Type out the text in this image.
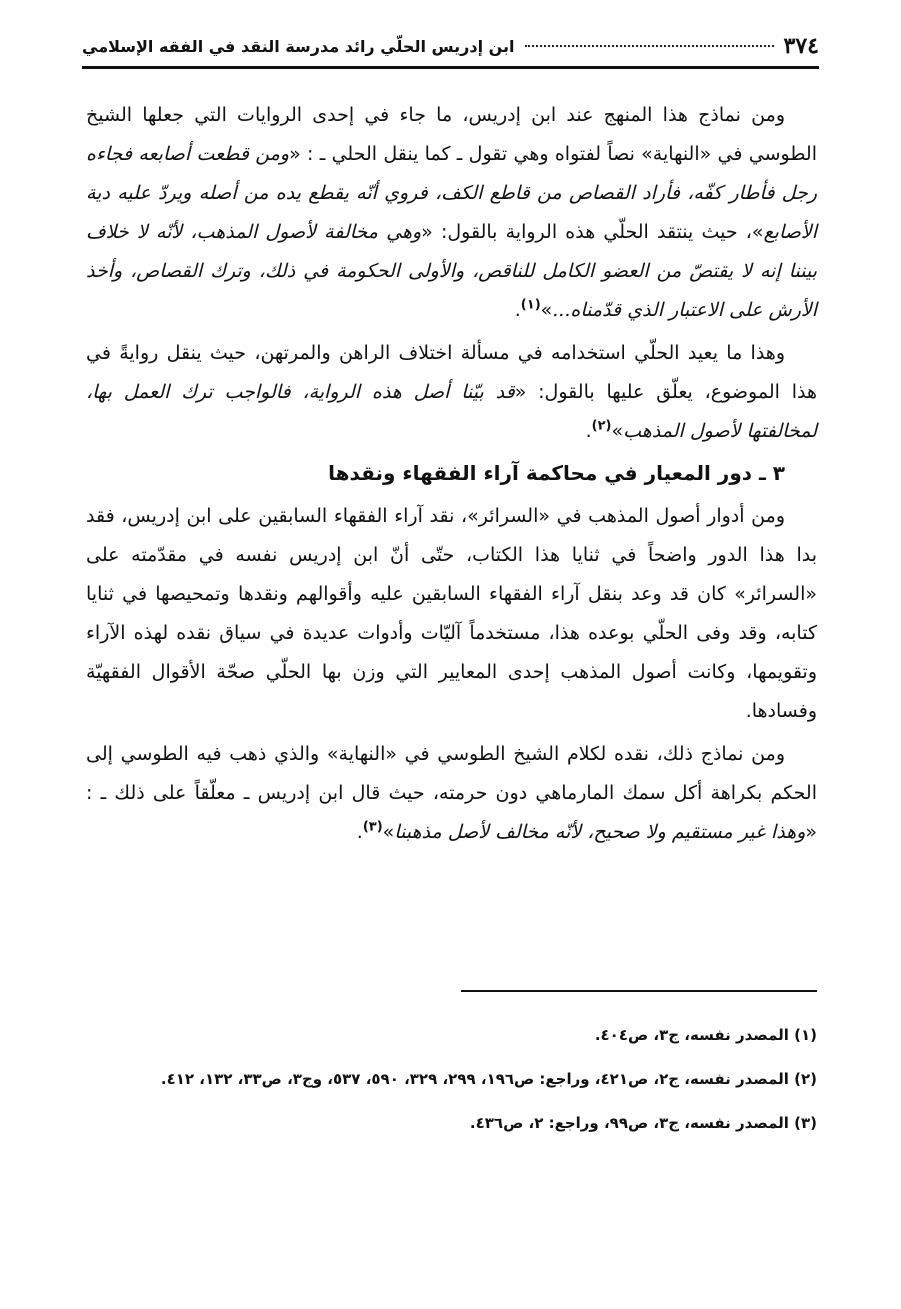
٣٧٤
ابن إدريس الحلّي رائد مدرسة النقد في الفقه الإسلامي

ومن نماذج هذا المنهج عند ابن إدريس، ما جاء في إحدى الروايات التي جعلها الشيخ الطوسي في «النهاية» نصاً لفتواه وهي تقول ـ كما ينقل الحلي ـ : «ومن قطعت أصابعه فجاءه رجل فأطار كفّه، فأراد القصاص من قاطع الكف، فروي أنّه يقطع يده من أصله ويردّ عليه دية الأصابع»، حيث ينتقد الحلّي هذه الرواية بالقول: «وهي مخالفة لأصول المذهب، لأنّه لا خلاف بيننا إنه لا يقتصّ من العضو الكامل للناقص، والأولى الحكومة في ذلك، وترك القصاص، وأخذ الأرش على الاعتبار الذي قدّمناه...»$^{(١)}$.

وهذا ما يعيد الحلّي استخدامه في مسألة اختلاف الراهن والمرتهن، حيث ينقل روايةً في هذا الموضوع، يعلّق عليها بالقول: «قد بيّنا أصل هذه الرواية، فالواجب ترك العمل بها، لمخالفتها لأصول المذهب»$^{(٢)}$.

٣ ـ دور المعيار في محاكمة آراء الفقهاء ونقدها

ومن أدوار أصول المذهب في «السرائر»، نقد آراء الفقهاء السابقين على ابن إدريس، فقد بدا هذا الدور واضحاً في ثنايا هذا الكتاب، حتّى أنّ ابن إدريس نفسه في مقدّمته على «السرائر» كان قد وعد بنقل آراء الفقهاء السابقين عليه وأقوالهم ونقدها وتمحيصها في ثنايا كتابه، وقد وفى الحلّي بوعده هذا، مستخدماً آليّات وأدوات عديدة في سياق نقده لهذه الآراء وتقويمها، وكانت أصول المذهب إحدى المعايير التي وزن بها الحلّي صحّة الأقوال الفقهيّة وفسادها.

ومن نماذج ذلك، نقده لكلام الشيخ الطوسي في «النهاية» والذي ذهب فيه الطوسي إلى الحكم بكراهة أكل سمك المارماهي دون حرمته، حيث قال ابن إدريس ـ معلّقاً على ذلك ـ : «وهذا غير مستقيم ولا صحيح، لأنّه مخالف لأصل مذهبنا»$^{(٣)}$.

(١) المصدر نفسه، ج٣، ص٤٠٤.

(٢) المصدر نفسه، ج٢، ص٤٢١، وراجع: ص١٩٦، ٢٩٩، ٣٢٩، ٥٩٠، ٥٣٧، وج٣، ص٣٣، ١٣٢، ٤١٢.

(٣) المصدر نفسه، ج٣، ص٩٩، وراجع: ٢، ص٤٣٦.
